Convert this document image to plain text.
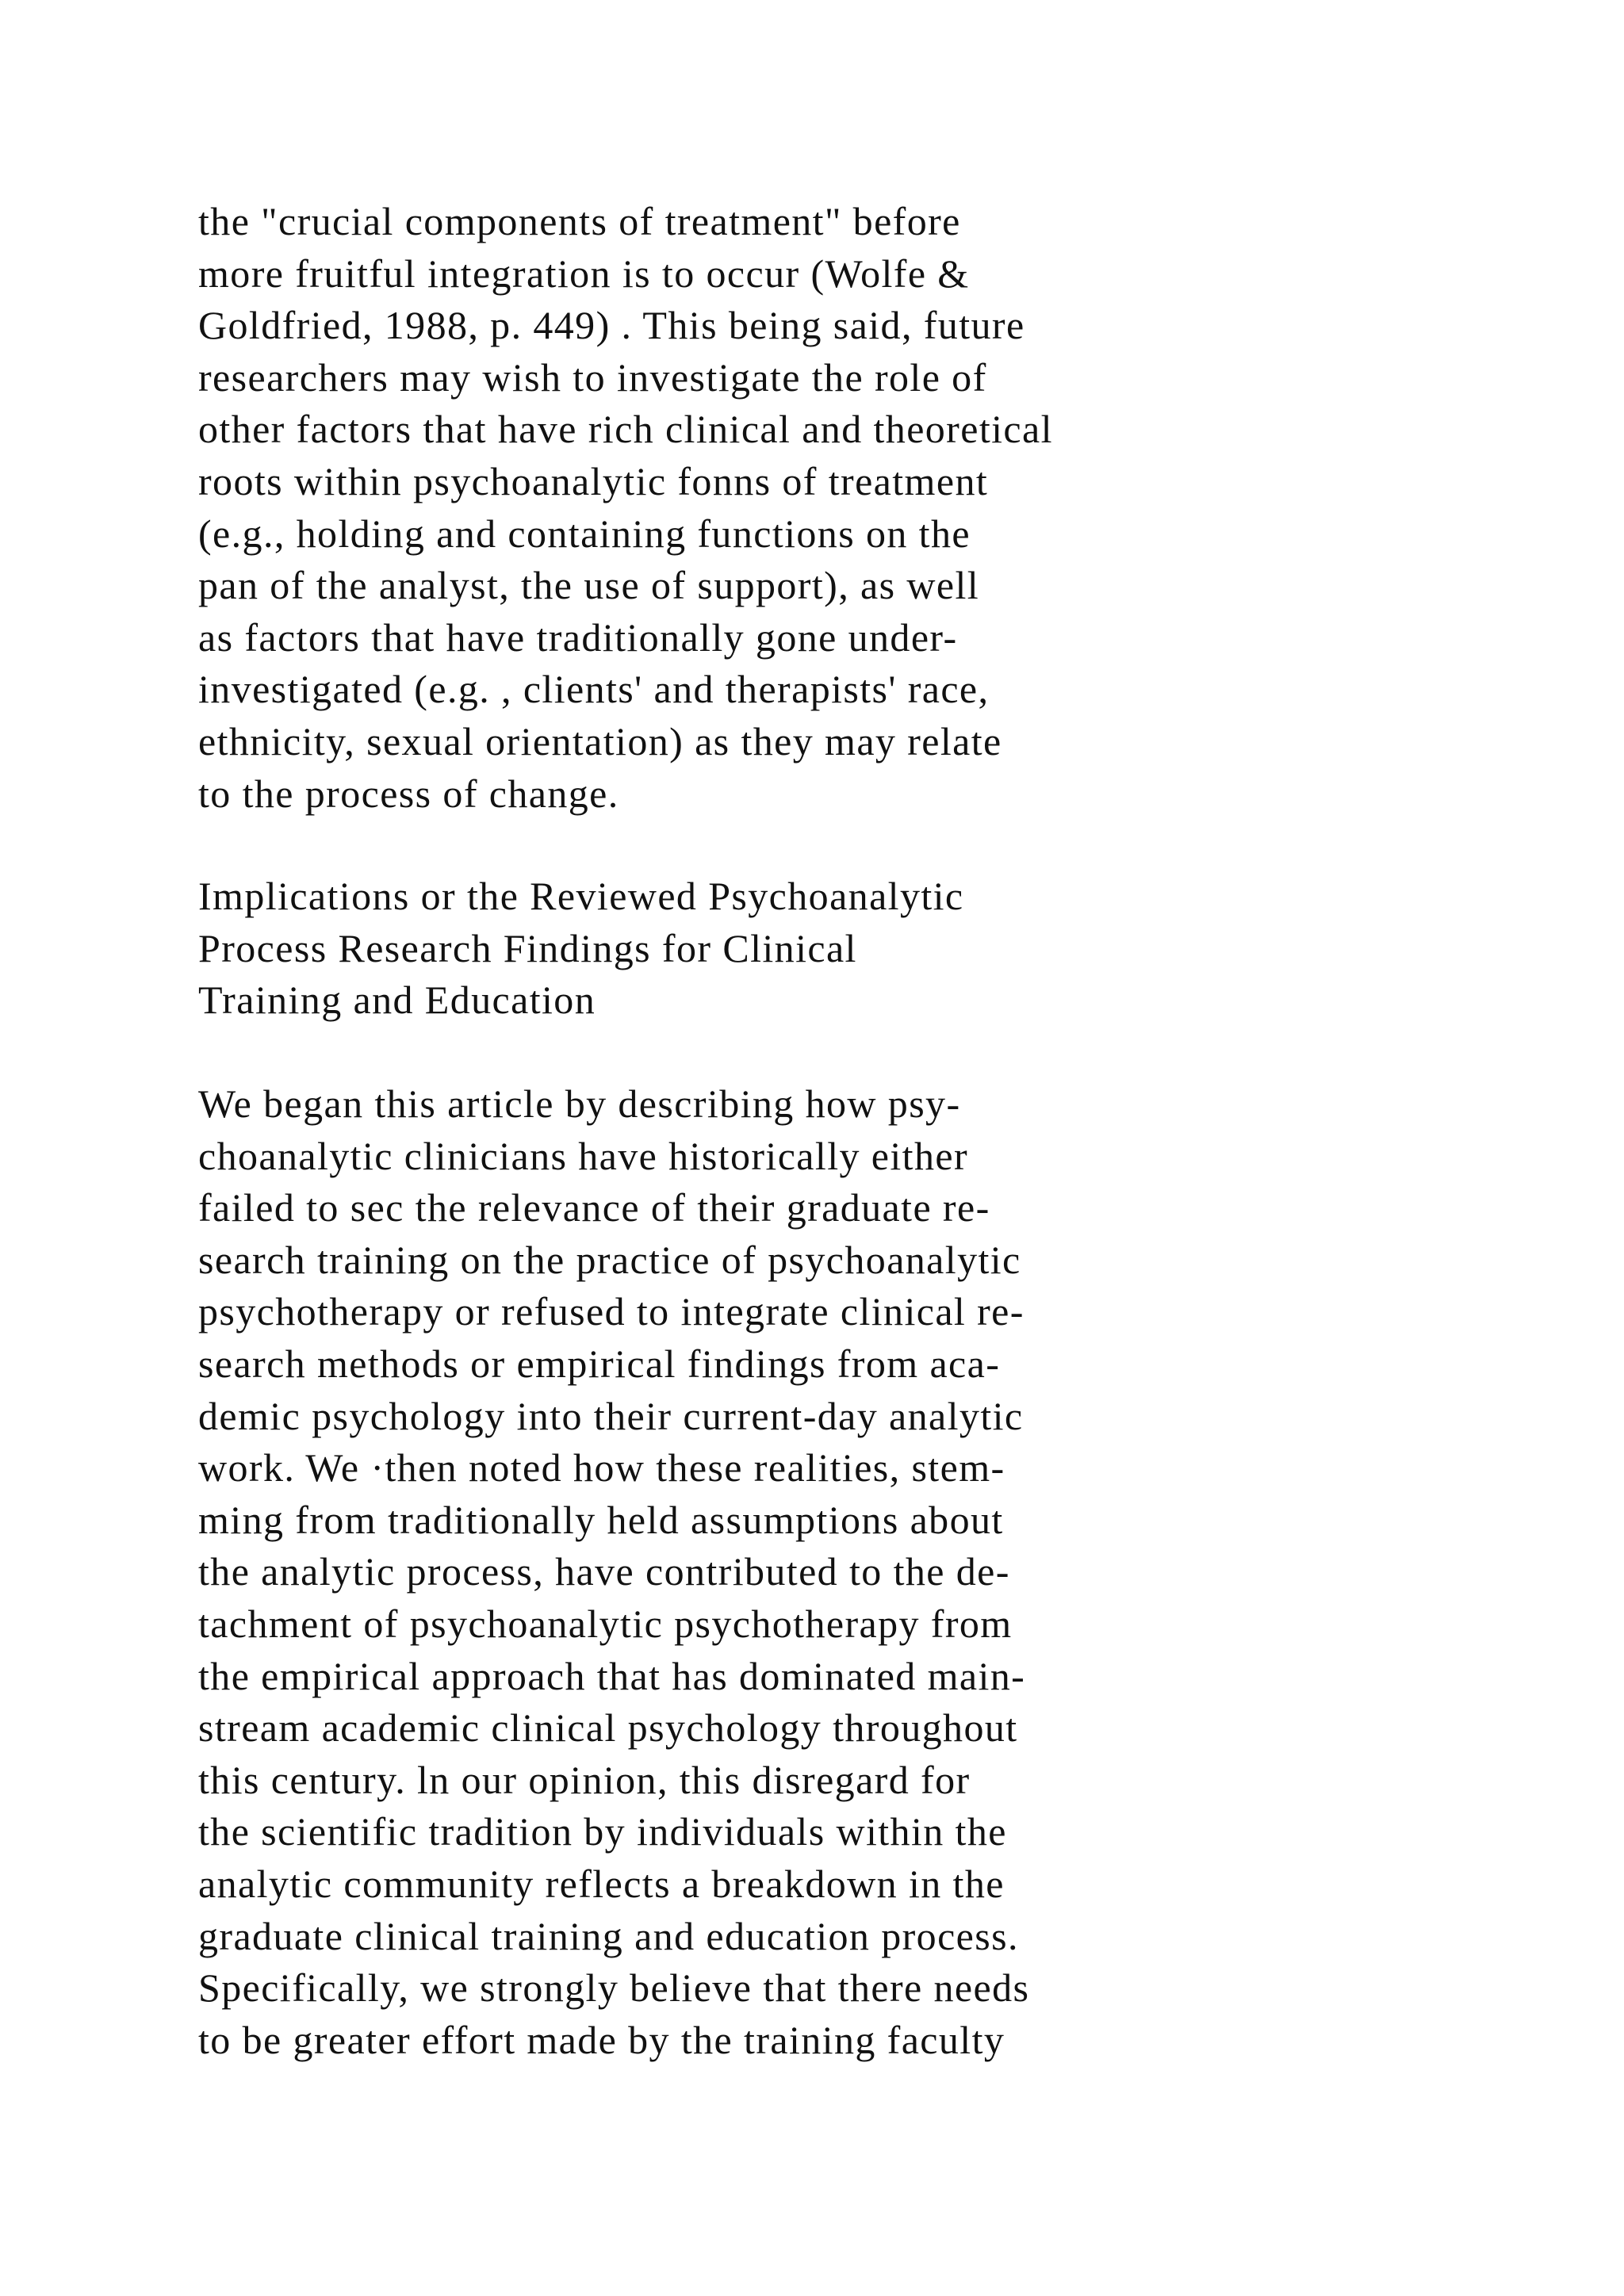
the "crucial components of treatment" before
more fruitful integration is to occur (Wolfe &
Goldfried, 1988, p. 449) . This being said, future
researchers may wish to investigate the role of
other factors that have rich clinical and theoretical
roots within psychoanalytic fonns of treatment
(e.g., holding and containing functions on the
pan of the analyst, the use of support), as well
as factors that have traditionally gone under-
investigated (e.g. , clients' and therapists' race,
ethnicity, sexual orientation) as they may relate
to the process of change.
Implications or the Reviewed Psychoanalytic
Process Research Findings for Clinical
Training and Education
We began this article by describing how psy-
choanalytic clinicians have historically either
failed to sec the relevance of their graduate re-
search training on the practice of psychoanalytic
psychotherapy or refused to integrate clinical re-
search methods or empirical findings from aca-
demic psychology into their current-day analytic
work. We ·then noted how these realities, stem-
ming from traditionally held assumptions about
the analytic process, have contributed to the de-
tachment of psychoanalytic psychotherapy from
the empirical approach that has dominated main-
stream academic clinical psychology throughout
this century. ln our opinion, this disregard for
the scientific tradition by individuals within the
analytic community reflects a breakdown in the
graduate clinical training and education process.
Specifically, we strongly believe that there needs
to be greater effort made by the training faculty
